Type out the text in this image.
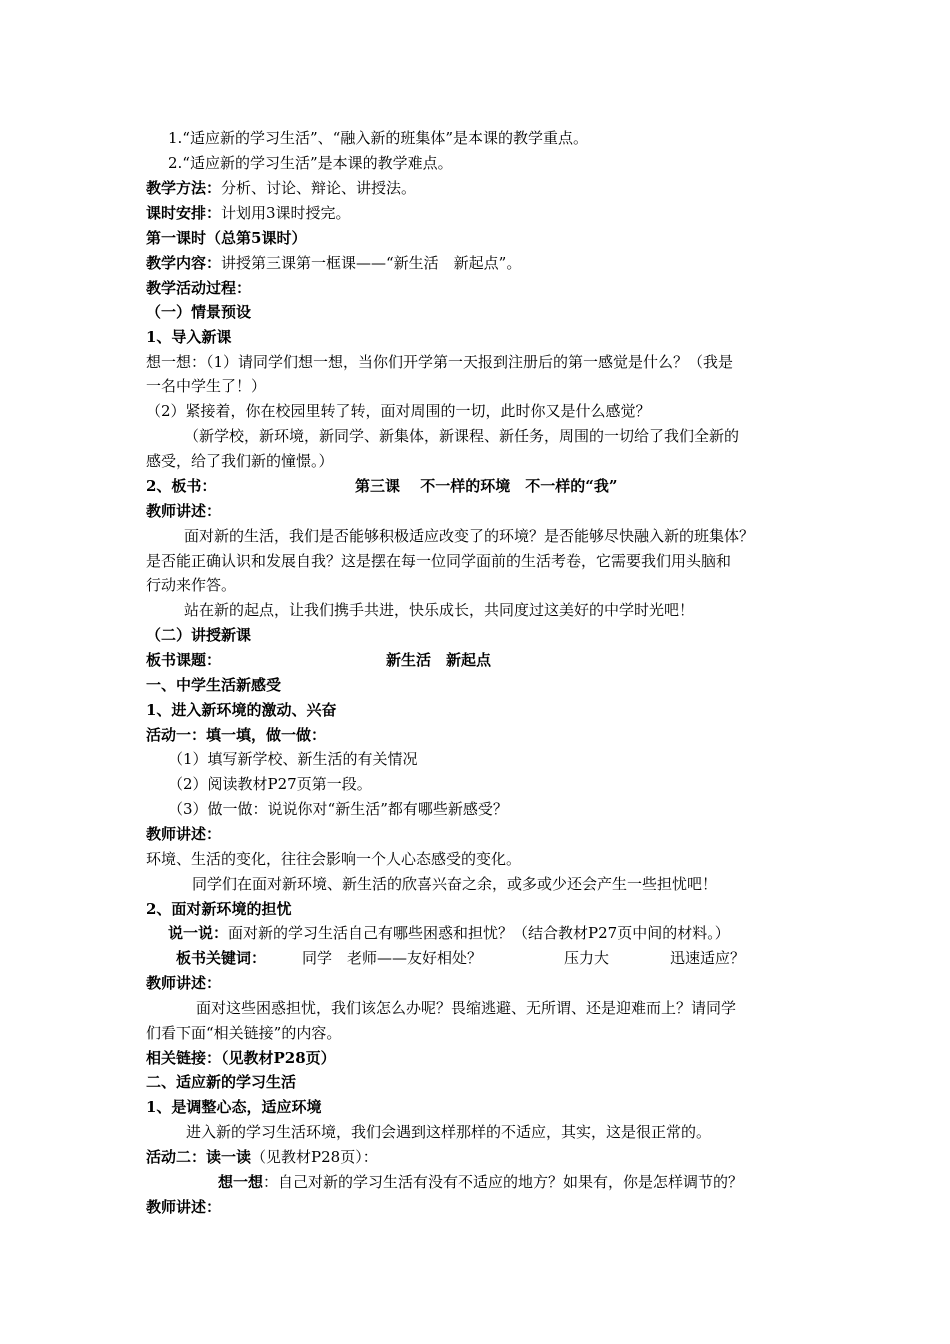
1.“适应新的学习生活”、“融入新的班集体”是本课的教学重点。
2.“适应新的学习生活”是本课的教学难点。
教学方法：分析、讨论、辩论、讲授法。
课时安排：计划用3课时授完。
第一课时（总第5课时）
教学内容：讲授第三课第一框课——“新生活　新起点”。
教学活动过程：
（一）情景预设
1、导入新课
想一想：（1）请同学们想一想，当你们开学第一天报到注册后的第一感觉是什么？（我是
一名中学生了！）
（2）紧接着，你在校园里转了转，面对周围的一切，此时你又是什么感觉？
（新学校，新环境，新同学、新集体，新课程、新任务，周围的一切给了我们全新的
感受，给了我们新的憧憬。）
2、板书：	第三课　 不一样的环境　不一样的“我”
教师讲述：
面对新的生活，我们是否能够积极适应改变了的环境？是否能够尽快融入新的班集体？
是否能正确认识和发展自我？这是摆在每一位同学面前的生活考卷，它需要我们用头脑和
行动来作答。
站在新的起点，让我们携手共进，快乐成长，共同度过这美好的中学时光吧！
（二）讲授新课
板书课题：	新生活　新起点
一、中学生活新感受
1、进入新环境的激动、兴奋
活动一：填一填，做一做：
（1）填写新学校、新生活的有关情况
（2）阅读教材P27页第一段。
（3）做一做：说说你对“新生活”都有哪些新感受？
教师讲述：
环境、生活的变化，往往会影响一个人心态感受的变化。
同学们在面对新环境、新生活的欣喜兴奋之余，或多或少还会产生一些担忧吧！
2、面对新环境的担忧
说一说：面对新的学习生活自己有哪些困惑和担忧？（结合教材P27页中间的材料。）
板书关键词： 同学　老师——友好相处？	压力大	迅速适应？
教师讲述：
面对这些困惑担忧，我们该怎么办呢？畏缩逃避、无所谓、还是迎难而上？请同学
们看下面“相关链接”的内容。
相关链接：（见教材P28页）
二、适应新的学习生活
1、是调整心态，适应环境
进入新的学习生活环境，我们会遇到这样那样的不适应，其实，这是很正常的。
活动二：读一读（见教材P28页）：
想一想：自己对新的学习生活有没有不适应的地方？如果有，你是怎样调节的？
教师讲述：
